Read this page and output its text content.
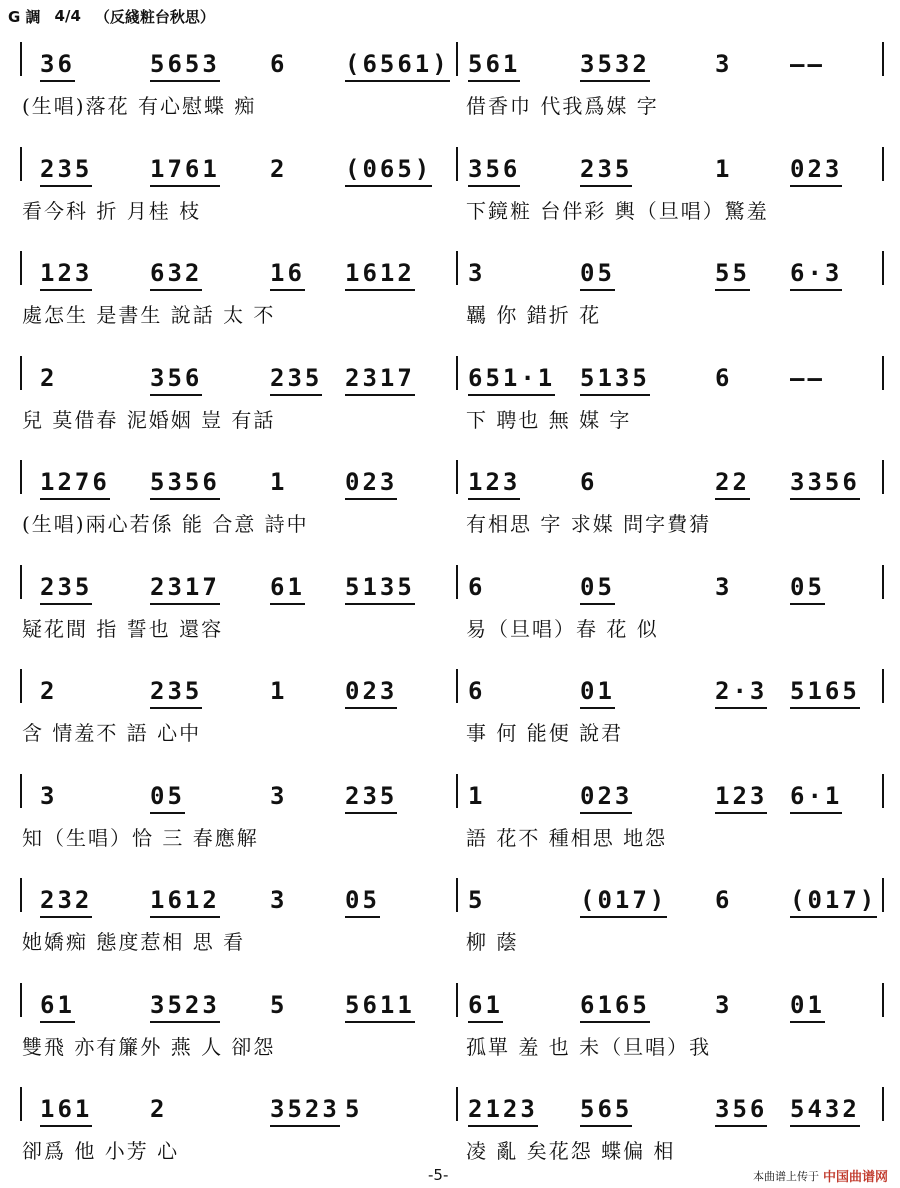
G 調 4/4 （反綫粧台秋思）
36	5653 6 (6561) 561 3532	3 ——
(生唱)落花 有心慰蝶 痴	借香巾 代我爲媒 字
235 1761 2 (065) 356 235	1 023
看今科 折 月桂 枝	下鏡粧 台伴彩 輿（旦唱）驚羞
123 632	16 1612 3	05	55 6·3
處怎生 是書生 說話 太 不	羈 你 錯折 花
2	356	235 2317 651·1 5135	6 ——
兒 莫借春 泥婚姻 豈 有話	下 聘也 無 媒 字
1276 5356 1 023	123 6	22 3356
(生唱)兩心若係 能 合意 詩中	有相思 字 求媒 問字費猜
235 2317 61 5135 6	05	3 05
疑花間 指 誓也 還容	易（旦唱）春 花 似
2	235	1 023	6	01	2·3 5165
含 情羞不 語 心中	事 何 能便 說君
3	05	3 235	1	023	123 6·1
知（生唱）恰 三 春應解	語 花不 種相思 地怨
232 1612 3 05	5	(017) 6 (017)
她嬌痴 態度惹相 思 看	柳 蔭
61	3523 5 5611 61	6165	3 01
雙飛 亦有簾外 燕 人 卻怨	孤單 羞 也 未（旦唱）我
161 2	3523 5	2123 565	356 5432
卻爲 他 小芳 心	凌 亂 矣花怨 蝶偏 相
-5-	本曲谱上传于 中国曲谱网
